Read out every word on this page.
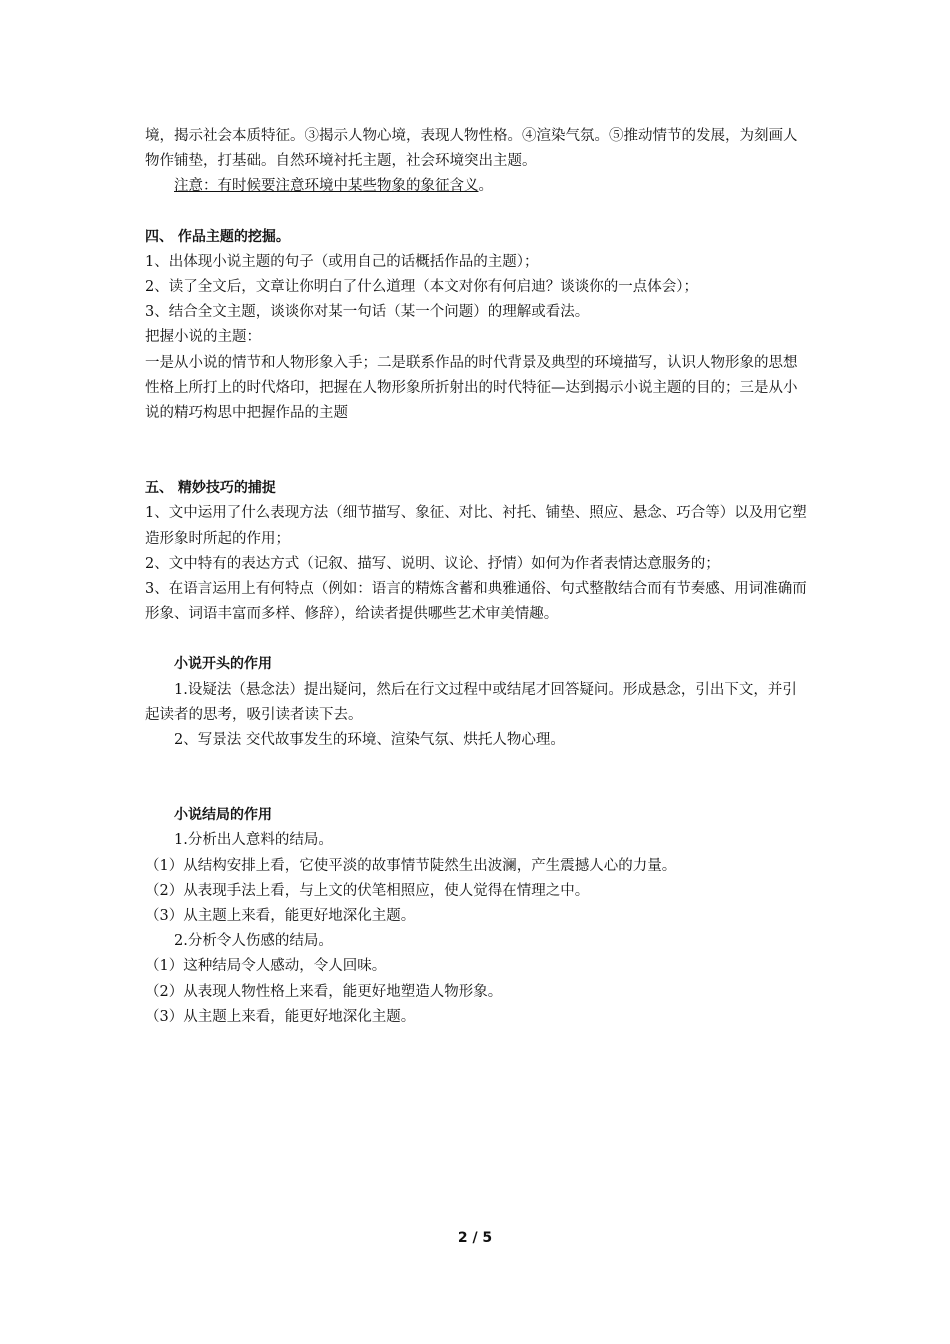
境，揭示社会本质特征。③揭示人物心境，表现人物性格。④渲染气氛。⑤推动情节的发展，为刻画人物作铺垫，打基础。自然环境衬托主题，社会环境突出主题。

注意：有时候要注意环境中某些物象的象征含义。

四、 作品主题的挖掘。

1、出体现小说主题的句子（或用自己的话概括作品的主题）；

2、读了全文后，文章让你明白了什么道理（本文对你有何启迪？谈谈你的一点体会）；

3、结合全文主题，谈谈你对某一句话（某一个问题）的理解或看法。

把握小说的主题：

一是从小说的情节和人物形象入手；二是联系作品的时代背景及典型的环境描写，认识人物形象的思想性格上所打上的时代烙印，把握在人物形象所折射出的时代特征—达到揭示小说主题的目的；三是从小说的精巧构思中把握作品的主题

五、 精妙技巧的捕捉

1、文中运用了什么表现方法（细节描写、象征、对比、衬托、铺垫、照应、悬念、巧合等）以及用它塑造形象时所起的作用；

2、文中特有的表达方式（记叙、描写、说明、议论、抒情）如何为作者表情达意服务的；

3、在语言运用上有何特点（例如：语言的精炼含蓄和典雅通俗、句式整散结合而有节奏感、用词准确而形象、词语丰富而多样、修辞），给读者提供哪些艺术审美情趣。

小说开头的作用

1.设疑法（悬念法）提出疑问，然后在行文过程中或结尾才回答疑问。形成悬念，引出下文，并引起读者的思考，吸引读者读下去。

2、写景法 交代故事发生的环境、渲染气氛、烘托人物心理。

小说结局的作用

1.分析出人意料的结局。

（1）从结构安排上看，它使平淡的故事情节陡然生出波澜，产生震撼人心的力量。

（2）从表现手法上看，与上文的伏笔相照应，使人觉得在情理之中。

（3）从主题上来看，能更好地深化主题。

2.分析令人伤感的结局。

（1）这种结局令人感动，令人回味。

（2）从表现人物性格上来看，能更好地塑造人物形象。

（3）从主题上来看，能更好地深化主题。

2 / 5
